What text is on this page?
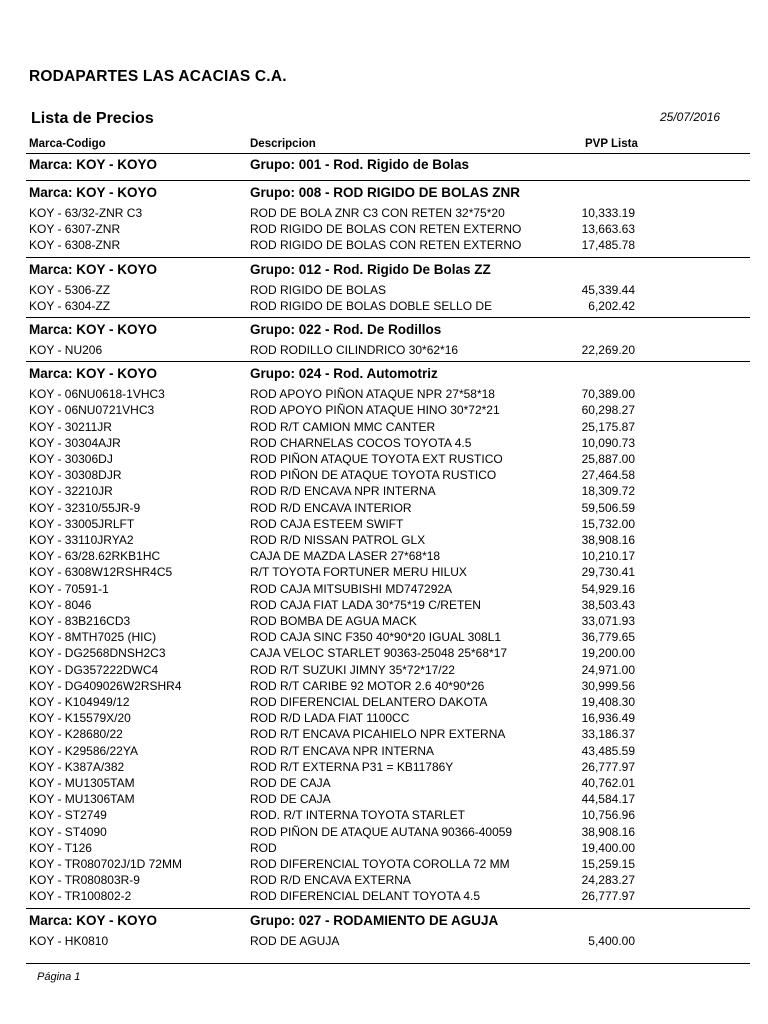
RODAPARTES LAS ACACIAS C.A.
Lista de Precios	25/07/2016
Marca-Codigo	Descripcion	PVP Lista
Marca: KOY - KOYO	Grupo: 001 - Rod. Rigido de Bolas
Marca: KOY - KOYO	Grupo: 008 - ROD RIGIDO DE BOLAS ZNR
KOY - 63/32-ZNR C3	ROD DE BOLA ZNR C3 CON RETEN 32*75*20	10,333.19
KOY - 6307-ZNR	ROD RIGIDO DE BOLAS CON RETEN EXTERNO	13,663.63
KOY - 6308-ZNR	ROD RIGIDO DE BOLAS CON RETEN EXTERNO	17,485.78
Marca: KOY - KOYO	Grupo: 012 - Rod. Rigido De Bolas ZZ
KOY - 5306-ZZ	ROD RIGIDO DE BOLAS	45,339.44
KOY - 6304-ZZ	ROD RIGIDO DE BOLAS DOBLE SELLO DE	6,202.42
Marca: KOY - KOYO	Grupo: 022 - Rod. De Rodillos
KOY - NU206	ROD RODILLO CILINDRICO 30*62*16	22,269.20
Marca: KOY - KOYO	Grupo: 024 - Rod. Automotriz
KOY - 06NU0618-1VHC3	ROD APOYO PIÑON ATAQUE NPR 27*58*18	70,389.00
KOY - 06NU0721VHC3	ROD APOYO PIÑON ATAQUE HINO 30*72*21	60,298.27
KOY - 30211JR	ROD R/T CAMION MMC CANTER	25,175.87
KOY - 30304AJR	ROD CHARNELAS COCOS TOYOTA 4.5	10,090.73
KOY - 30306DJ	ROD PIÑON ATAQUE TOYOTA EXT RUSTICO	25,887.00
KOY - 30308DJR	ROD PIÑON DE ATAQUE TOYOTA RUSTICO	27,464.58
KOY - 32210JR	ROD R/D ENCAVA NPR INTERNA	18,309.72
KOY - 32310/55JR-9	ROD R/D ENCAVA INTERIOR	59,506.59
KOY - 33005JRLFT	ROD CAJA ESTEEM SWIFT	15,732.00
KOY - 33110JRYA2	ROD R/D NISSAN PATROL GLX	38,908.16
KOY - 63/28.62RKB1HC	CAJA DE MAZDA LASER 27*68*18	10,210.17
KOY - 6308W12RSHR4C5	R/T TOYOTA FORTUNER MERU HILUX	29,730.41
KOY - 70591-1	ROD CAJA MITSUBISHI MD747292A	54,929.16
KOY - 8046	ROD CAJA FIAT LADA 30*75*19 C/RETEN	38,503.43
KOY - 83B216CD3	ROD BOMBA DE AGUA MACK	33,071.93
KOY - 8MTH7025 (HIC)	ROD CAJA SINC F350 40*90*20 IGUAL 308L1	36,779.65
KOY - DG2568DNSH2C3	CAJA VELOC STARLET 90363-25048 25*68*17	19,200.00
KOY - DG357222DWC4	ROD R/T SUZUKI JIMNY 35*72*17/22	24,971.00
KOY - DG409026W2RSHR4	ROD R/T CARIBE 92 MOTOR 2.6 40*90*26	30,999.56
KOY - K104949/12	ROD DIFERENCIAL DELANTERO DAKOTA	19,408.30
KOY - K15579X/20	ROD R/D LADA FIAT 1100CC	16,936.49
KOY - K28680/22	ROD R/T ENCAVA PICAHIELO NPR EXTERNA	33,186.37
KOY - K29586/22YA	ROD R/T ENCAVA NPR INTERNA	43,485.59
KOY - K387A/382	ROD R/T EXTERNA P31 = KB11786Y	26,777.97
KOY - MU1305TAM	ROD DE CAJA	40,762.01
KOY - MU1306TAM	ROD DE CAJA	44,584.17
KOY - ST2749	ROD. R/T INTERNA TOYOTA STARLET	10,756.96
KOY - ST4090	ROD PIÑON DE ATAQUE AUTANA 90366-40059	38,908.16
KOY - T126	ROD	19,400.00
KOY - TR080702J/1D 72MM	ROD DIFERENCIAL TOYOTA COROLLA 72 MM	15,259.15
KOY - TR080803R-9	ROD R/D ENCAVA EXTERNA	24,283.27
KOY - TR100802-2	ROD DIFERENCIAL DELANT TOYOTA 4.5	26,777.97
Marca: KOY - KOYO	Grupo: 027 - RODAMIENTO DE AGUJA
KOY - HK0810	ROD DE AGUJA	5,400.00
Página 1
